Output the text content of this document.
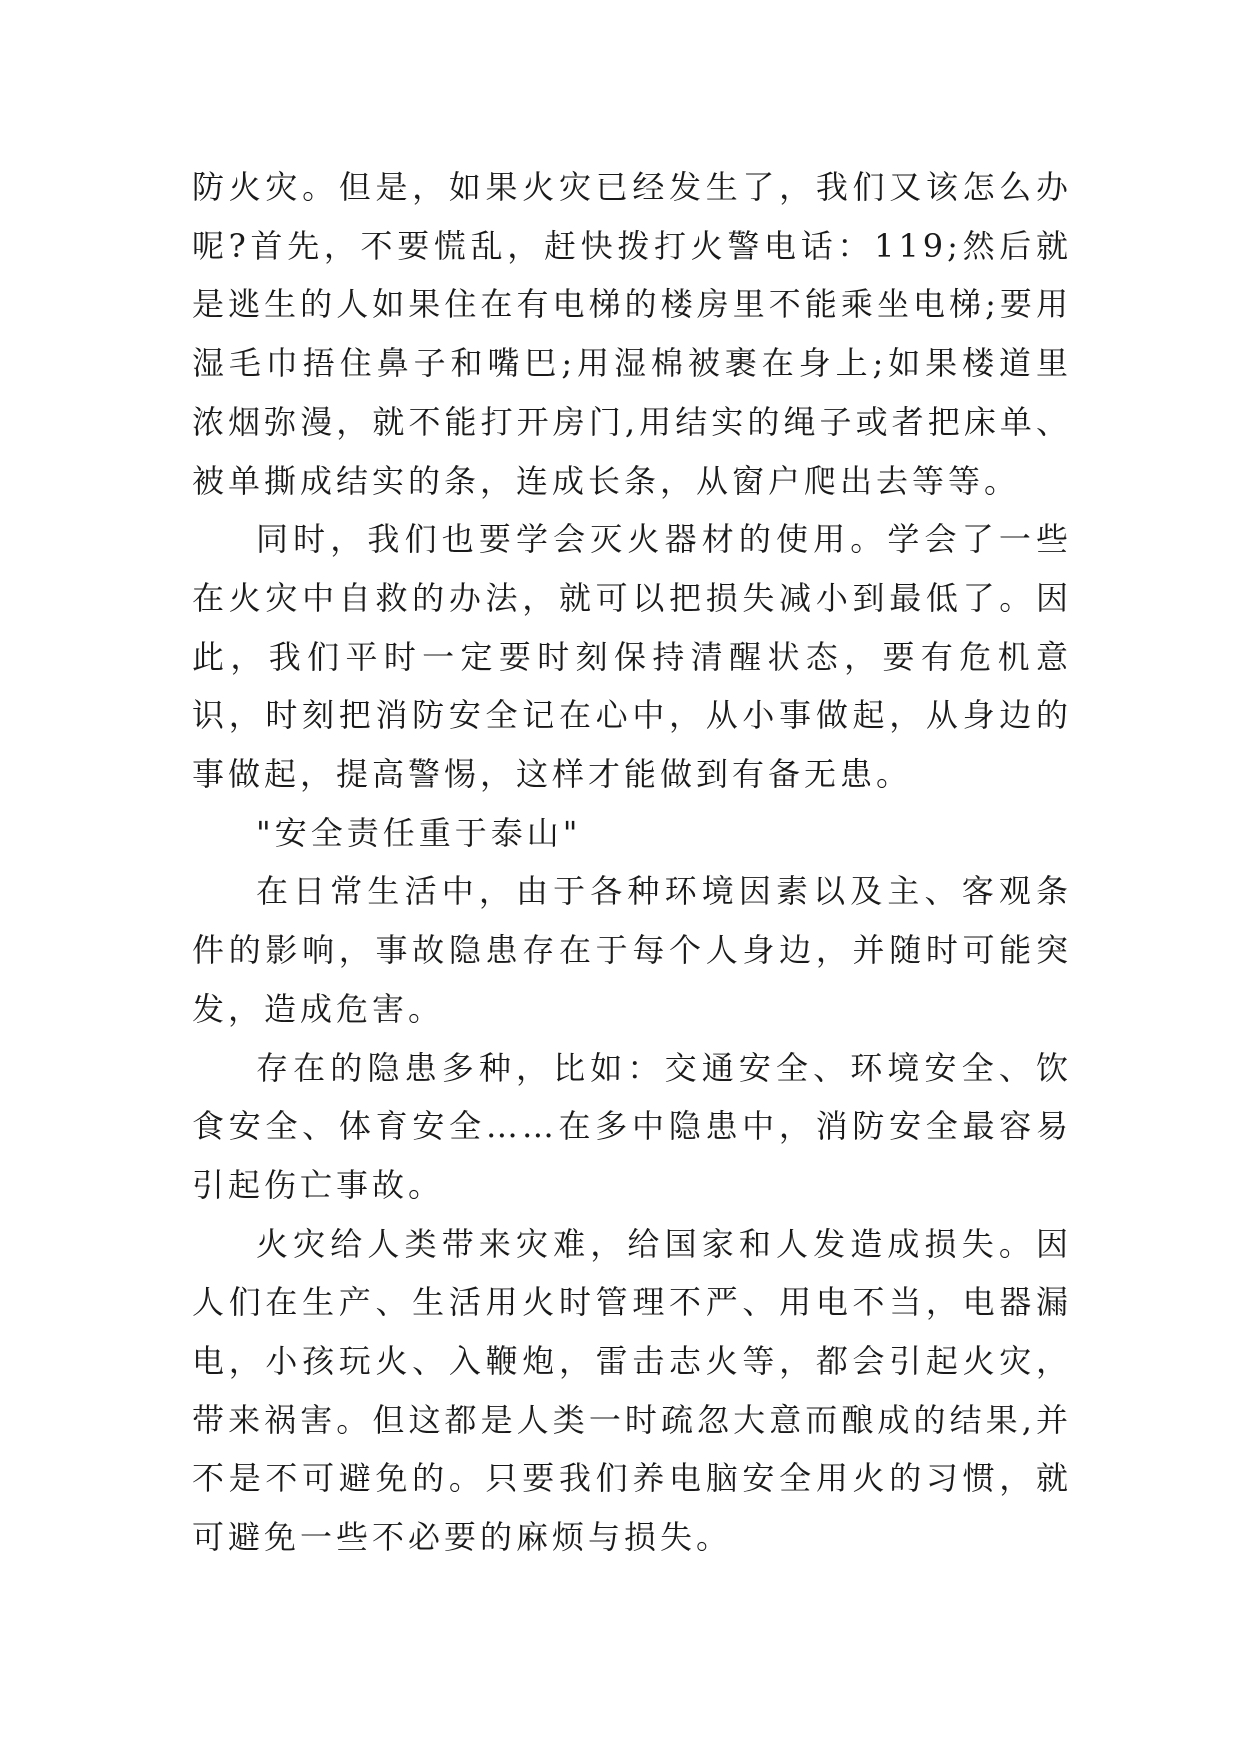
防火灾。但是，如果火灾已经发生了，我们又该怎么办呢?首先，不要慌乱，赶快拨打火警电话：119;然后就是逃生的人如果住在有电梯的楼房里不能乘坐电梯;要用湿毛巾捂住鼻子和嘴巴;用湿棉被裹在身上;如果楼道里浓烟弥漫，就不能打开房门,用结实的绳子或者把床单、被单撕成结实的条，连成长条，从窗户爬出去等等。

同时，我们也要学会灭火器材的使用。学会了一些在火灾中自救的办法，就可以把损失减小到最低了。因此，我们平时一定要时刻保持清醒状态，要有危机意识，时刻把消防安全记在心中，从小事做起，从身边的事做起，提高警惕，这样才能做到有备无患。

"安全责任重于泰山"

在日常生活中，由于各种环境因素以及主、客观条件的影响，事故隐患存在于每个人身边，并随时可能突发，造成危害。

存在的隐患多种，比如：交通安全、环境安全、饮食安全、体育安全……在多中隐患中，消防安全最容易引起伤亡事故。

火灾给人类带来灾难，给国家和人发造成损失。因人们在生产、生活用火时管理不严、用电不当，电器漏电，小孩玩火、入鞭炮，雷击志火等，都会引起火灾，带来祸害。但这都是人类一时疏忽大意而酿成的结果,并不是不可避免的。只要我们养电脑安全用火的习惯，就可避免一些不必要的麻烦与损失。
